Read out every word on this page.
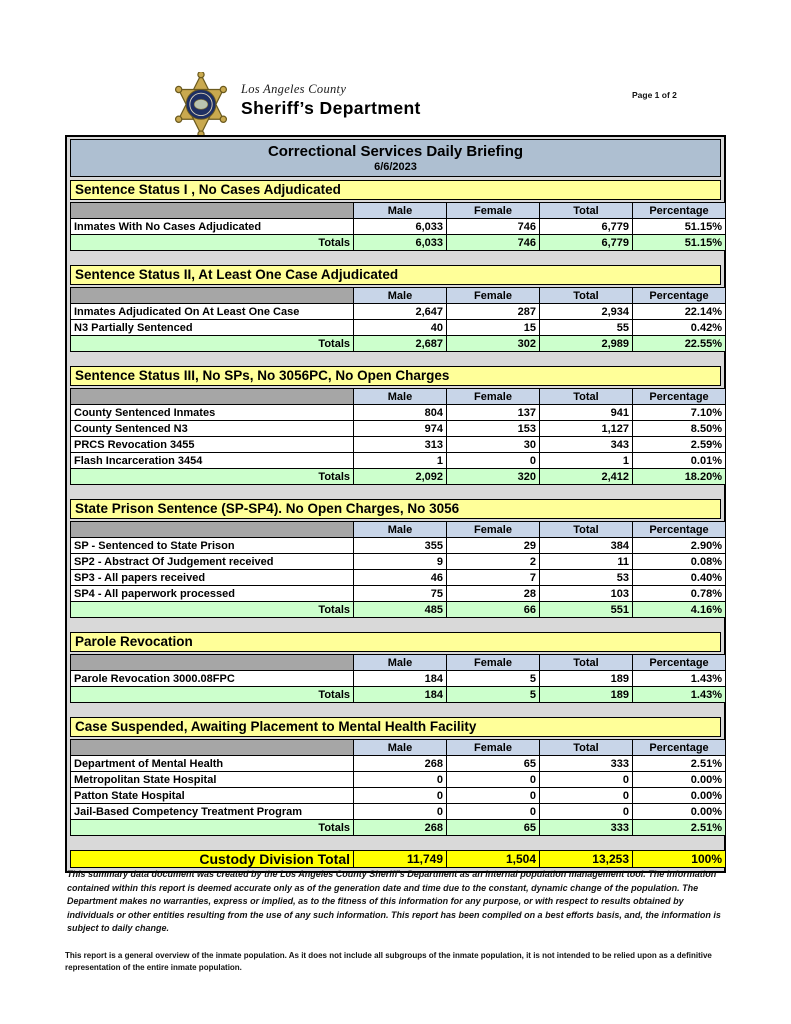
Los Angeles County
Sheriff’s Department
Page 1 of 2
Correctional Services Daily Briefing
6/6/2023
Sentence Status I , No Cases Adjudicated
	Male	Female	Total	Percentage
Inmates With No Cases Adjudicated	6,033	746	6,779	51.15%
Totals	6,033	746	6,779	51.15%
Sentence Status II, At Least One Case Adjudicated
	Male	Female	Total	Percentage
Inmates Adjudicated On At Least One Case	2,647	287	2,934	22.14%
N3 Partially Sentenced	40	15	55	0.42%
Totals	2,687	302	2,989	22.55%
Sentence Status III, No SPs, No 3056PC, No Open Charges
	Male	Female	Total	Percentage
County Sentenced Inmates	804	137	941	7.10%
County Sentenced N3	974	153	1,127	8.50%
PRCS Revocation 3455	313	30	343	2.59%
Flash Incarceration 3454	1	0	1	0.01%
Totals	2,092	320	2,412	18.20%
State Prison Sentence (SP-SP4). No Open Charges, No 3056
	Male	Female	Total	Percentage
SP - Sentenced to State Prison	355	29	384	2.90%
SP2 - Abstract Of Judgement received	9	2	11	0.08%
SP3 - All papers received	46	7	53	0.40%
SP4 - All paperwork processed	75	28	103	0.78%
Totals	485	66	551	4.16%
Parole Revocation
	Male	Female	Total	Percentage
Parole Revocation 3000.08FPC	184	5	189	1.43%
Totals	184	5	189	1.43%
Case Suspended, Awaiting Placement to Mental Health Facility
	Male	Female	Total	Percentage
Department of Mental Health	268	65	333	2.51%
Metropolitan State Hospital	0	0	0	0.00%
Patton State Hospital	0	0	0	0.00%
Jail-Based Competency Treatment Program	0	0	0	0.00%
Totals	268	65	333	2.51%
Custody Division Total	11,749	1,504	13,253	100%
This summary data document was created by the Los Angeles County Sheriff's Department as an internal population management tool. The information contained within this report is deemed accurate only as of the generation date and time due to the constant, dynamic change of the population. The Department makes no warranties, express or implied, as to the fitness of this information for any purpose, or with respect to results obtained by individuals or other entities resulting from the use of any such information. This report has been compiled on a best efforts basis, and, the information is subject to daily change.
This report is a general overview of the inmate population. As it does not include all subgroups of the inmate population, it is not intended to be relied upon as a definitive representation of the entire inmate population.
